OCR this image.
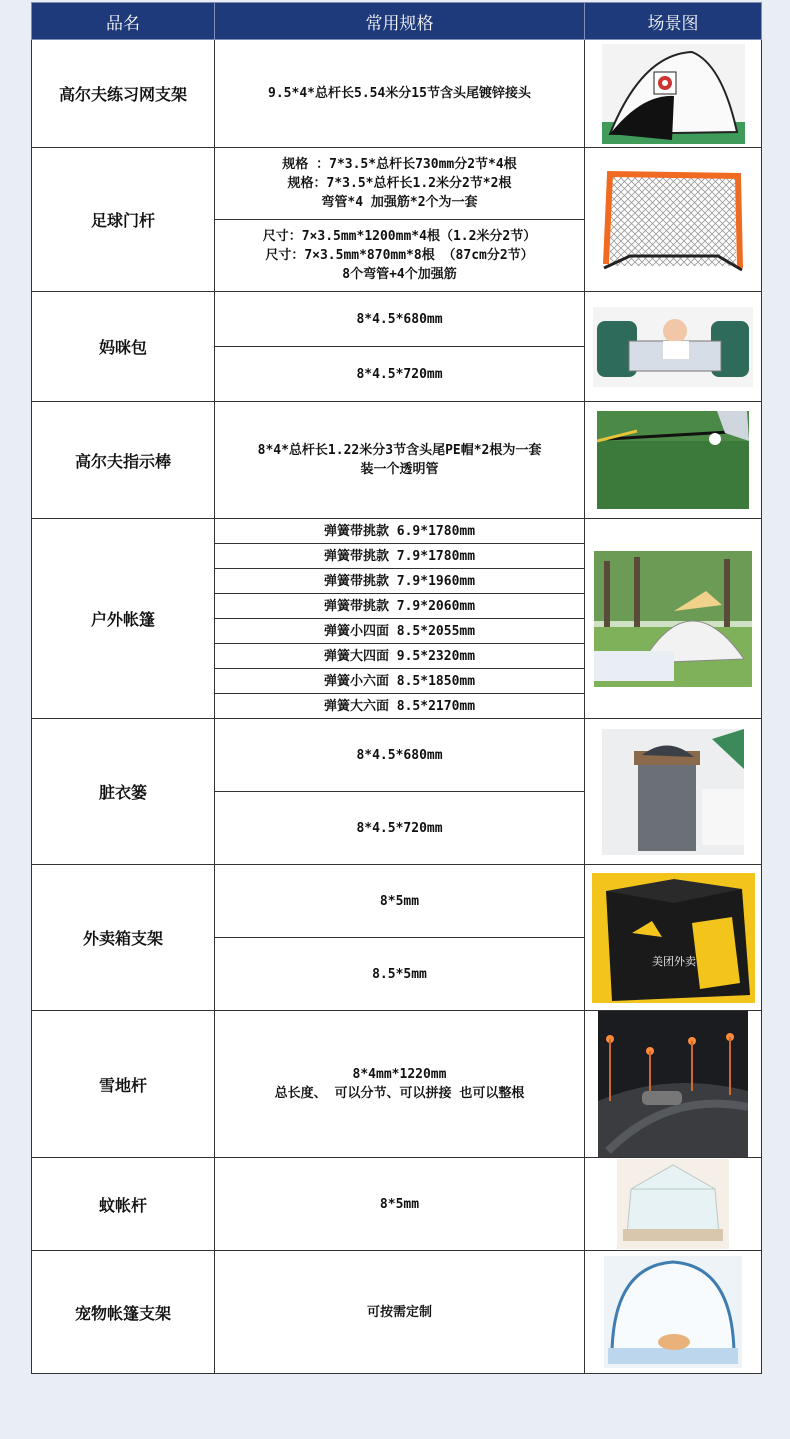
品名	常用规格	场景图
高尔夫练习网支架	9.5*4*总杆长5.54米分15节含头尾镀锌接头

足球门杆	规格 ：7*3.5*总杆长730mm分2节*4根
规格：7*3.5*总杆长1.2米分2节*2根
弯管*4 加强筋*2个为一套

	尺寸：7×3.5mm*1200mm*4根（1.2米分2节）
尺寸：7×3.5mm*870mm*8根 （87cm分2节）
8个弯管+4个加强筋	

妈咪包	8*4.5*680mm

	8*4.5*720mm	

高尔夫指示棒	8*4*总杆长1.22米分3节含头尾PE帽*2根为一套
装一个透明管

户外帐篷	弹簧带挑款 6.9*1780mm

	弹簧带挑款 7.9*1780mm	

	弹簧带挑款 7.9*1960mm	

	弹簧带挑款 7.9*2060mm	

	弹簧小四面 8.5*2055mm	

	弹簧大四面 9.5*2320mm	

	弹簧小六面 8.5*1850mm	

	弹簧大六面 8.5*2170mm	

脏衣篓	8*4.5*680mm

	8*4.5*720mm	

外卖箱支架	8*5mm	美团外卖

	8.5*5mm	

雪地杆	8*4mm*1220mm
总长度、 可以分节、可以拼接 也可以整根

蚊帐杆	8*5mm

宠物帐篷支架	可按需定制
